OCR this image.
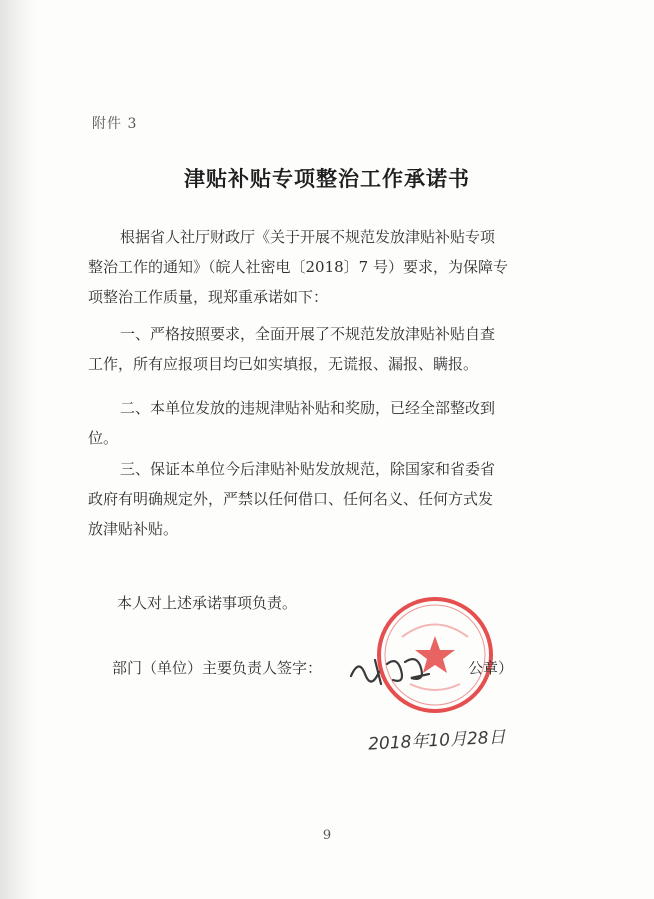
附件 3
津贴补贴专项整治工作承诺书
根据省人社厅财政厅《关于开展不规范发放津贴补贴专项
整治工作的通知》（皖人社密电〔2018〕7 号）要求，为保障专
项整治工作质量，现郑重承诺如下：
一、严格按照要求，全面开展了不规范发放津贴补贴自查
工作，所有应报项目均已如实填报，无谎报、漏报、瞒报。
二、本单位发放的违规津贴补贴和奖励，已经全部整改到
位。
三、保证本单位今后津贴补贴发放规范，除国家和省委省
政府有明确规定外，严禁以任何借口、任何名义、任何方式发
放津贴补贴。
本人对上述承诺事项负责。
部门（单位）主要负责人签字：	公章）
2018年10月28日
9
